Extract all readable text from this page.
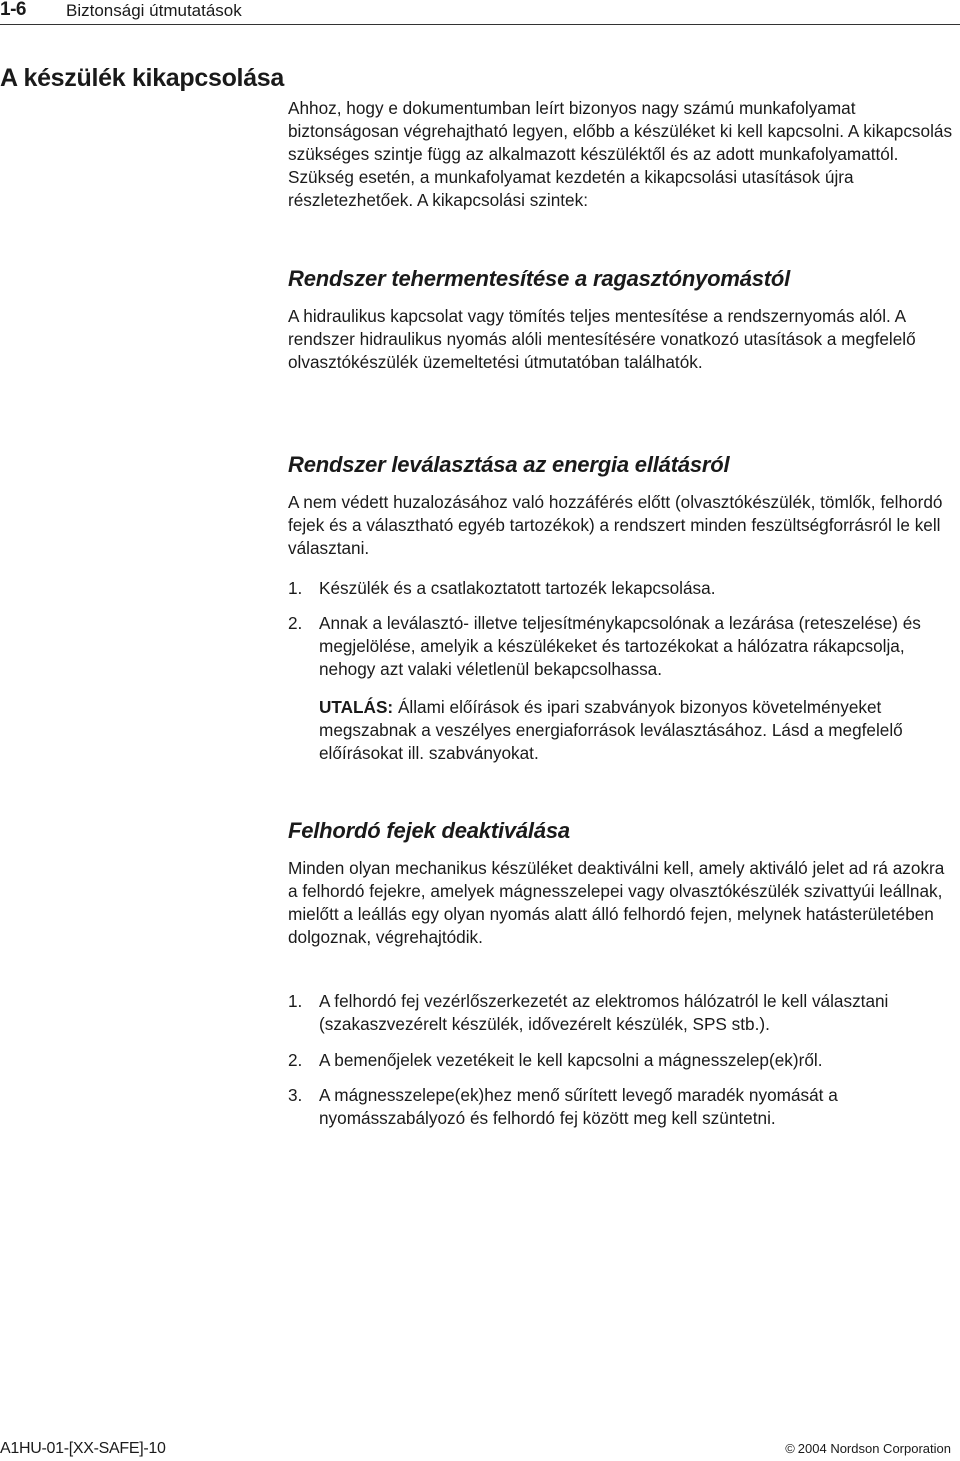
1-6 Biztonsági útmutatások
A készülék kikapcsolása

Ahhoz, hogy e dokumentumban leírt bizonyos nagy számú munkafolyamat biztonságosan végrehajtható legyen, előbb a készüléket ki kell kapcsolni. A kikapcsolás szükséges szintje függ az alkalmazott készüléktől és az adott munkafolyamattól. Szükség esetén, a munkafolyamat kezdetén a kikapcsolási utasítások újra részletezhetőek. A kikapcsolási szintek:

Rendszer tehermentesítése a ragasztónyomástól

A hidraulikus kapcsolat vagy tömítés teljes mentesítése a rendszernyomás alól. A rendszer hidraulikus nyomás alóli mentesítésére vonatkozó utasítások a megfelelő olvasztókészülék üzemeltetési útmutatóban találhatók.

Rendszer leválasztása az energia ellátásról

A nem védett huzalozásához való hozzáférés előtt (olvasztókészülék, tömlők, felhordó fejek és a választható egyéb tartozékok) a rendszert minden feszültségforrásról le kell választani.

1. Készülék és a csatlakoztatott tartozék lekapcsolása.
2. Annak a leválasztó- illetve teljesítménykapcsolónak a lezárása (reteszelése) és megjelölése, amelyik a készülékeket és tartozékokat a hálózatra rákapcsolja, nehogy azt valaki véletlenül bekapcsolhassa.

UTALÁS: Állami előírások és ipari szabványok bizonyos követelményeket megszabnak a veszélyes energiaforrások leválasztásához. Lásd a megfelelő előírásokat ill. szabványokat.

Felhordó fejek deaktiválása

Minden olyan mechanikus készüléket deaktiválni kell, amely aktiváló jelet ad rá azokra a felhordó fejekre, amelyek mágnesszelepei vagy olvasztókészülék szivattyúi leállnak, mielőtt a leállás egy olyan nyomás alatt álló felhordó fejen, melynek hatásterületében dolgoznak, végrehajtódik.

1. A felhordó fej vezérlőszerkezetét az elektromos hálózatról le kell választani (szakaszvezérelt készülék, idővezérelt készülék, SPS stb.).
2. A bemenőjelek vezetékeit le kell kapcsolni a mágnesszelep(ek)ről.
3. A mágnesszelepe(ek)hez menő sűrített levegő maradék nyomását a nyomásszabályozó és felhordó fej között meg kell szüntetni.
A1HU-01-[XX-SAFE]-10	© 2004 Nordson Corporation
